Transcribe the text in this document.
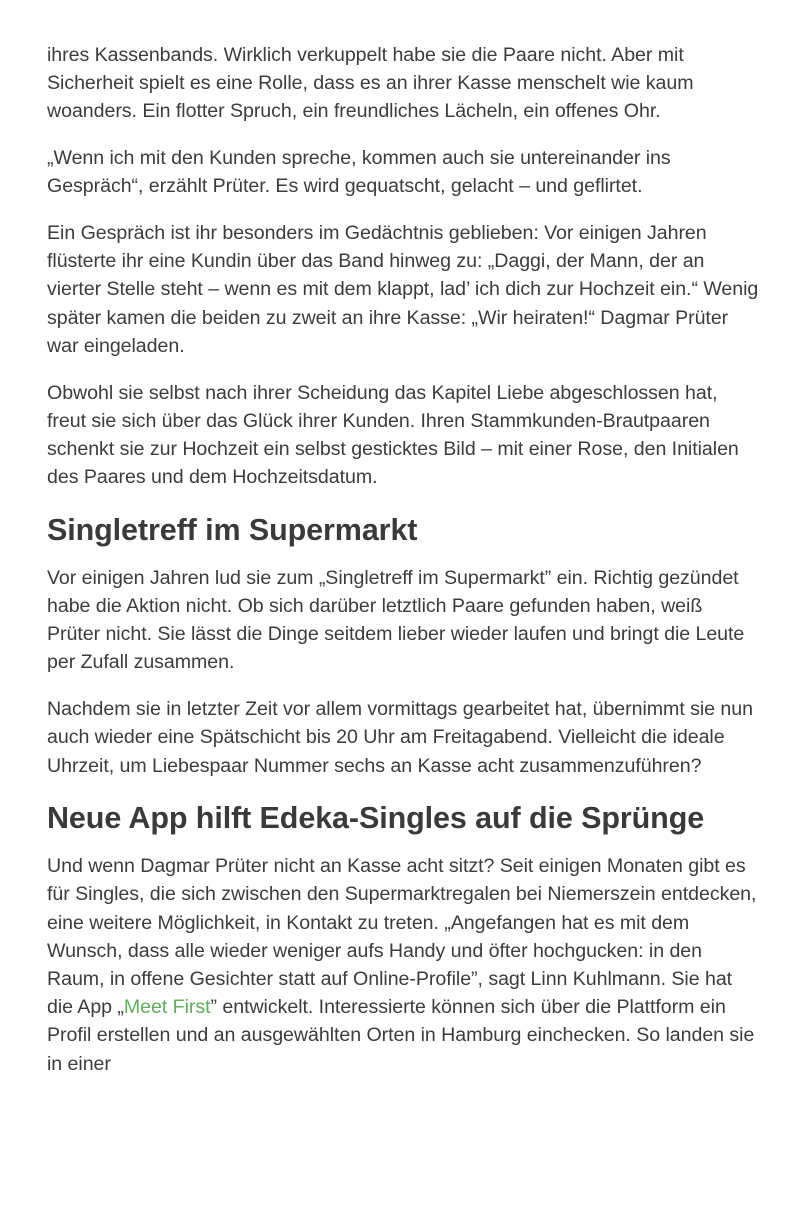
ihres Kassenbands. Wirklich verkuppelt habe sie die Paare nicht. Aber mit Sicherheit spielt es eine Rolle, dass es an ihrer Kasse menschelt wie kaum woanders. Ein flotter Spruch, ein freundliches Lächeln, ein offenes Ohr.

„Wenn ich mit den Kunden spreche, kommen auch sie untereinander ins Gespräch“, erzählt Prüter. Es wird gequatscht, gelacht – und geflirtet.

Ein Gespräch ist ihr besonders im Gedächtnis geblieben: Vor einigen Jahren flüsterte ihr eine Kundin über das Band hinweg zu: „Daggi, der Mann, der an vierter Stelle steht – wenn es mit dem klappt, lad’ ich dich zur Hochzeit ein.“ Wenig später kamen die beiden zu zweit an ihre Kasse: „Wir heiraten!“ Dagmar Prüter war eingeladen.

Obwohl sie selbst nach ihrer Scheidung das Kapitel Liebe abgeschlossen hat, freut sie sich über das Glück ihrer Kunden. Ihren Stammkunden-Brautpaaren schenkt sie zur Hochzeit ein selbst gesticktes Bild – mit einer Rose, den Initialen des Paares und dem Hochzeitsdatum.

Singletreff im Supermarkt

Vor einigen Jahren lud sie zum „Singletreff im Supermarkt” ein. Richtig gezündet habe die Aktion nicht. Ob sich darüber letztlich Paare gefunden haben, weiß Prüter nicht. Sie lässt die Dinge seitdem lieber wieder laufen und bringt die Leute per Zufall zusammen.

Nachdem sie in letzter Zeit vor allem vormittags gearbeitet hat, übernimmt sie nun auch wieder eine Spätschicht bis 20 Uhr am Freitagabend. Vielleicht die ideale Uhrzeit, um Liebespaar Nummer sechs an Kasse acht zusammenzuführen?

Neue App hilft Edeka-Singles auf die Sprünge

Und wenn Dagmar Prüter nicht an Kasse acht sitzt? Seit einigen Monaten gibt es für Singles, die sich zwischen den Supermarktregalen bei Niemerszein entdecken, eine weitere Möglichkeit, in Kontakt zu treten. „Angefangen hat es mit dem Wunsch, dass alle wieder weniger aufs Handy und öfter hochgucken: in den Raum, in offene Gesichter statt auf Online-Profile”, sagt Linn Kuhlmann. Sie hat die App „Meet First” entwickelt. Interessierte können sich über die Plattform ein Profil erstellen und an ausgewählten Orten in Hamburg einchecken. So landen sie in einer
